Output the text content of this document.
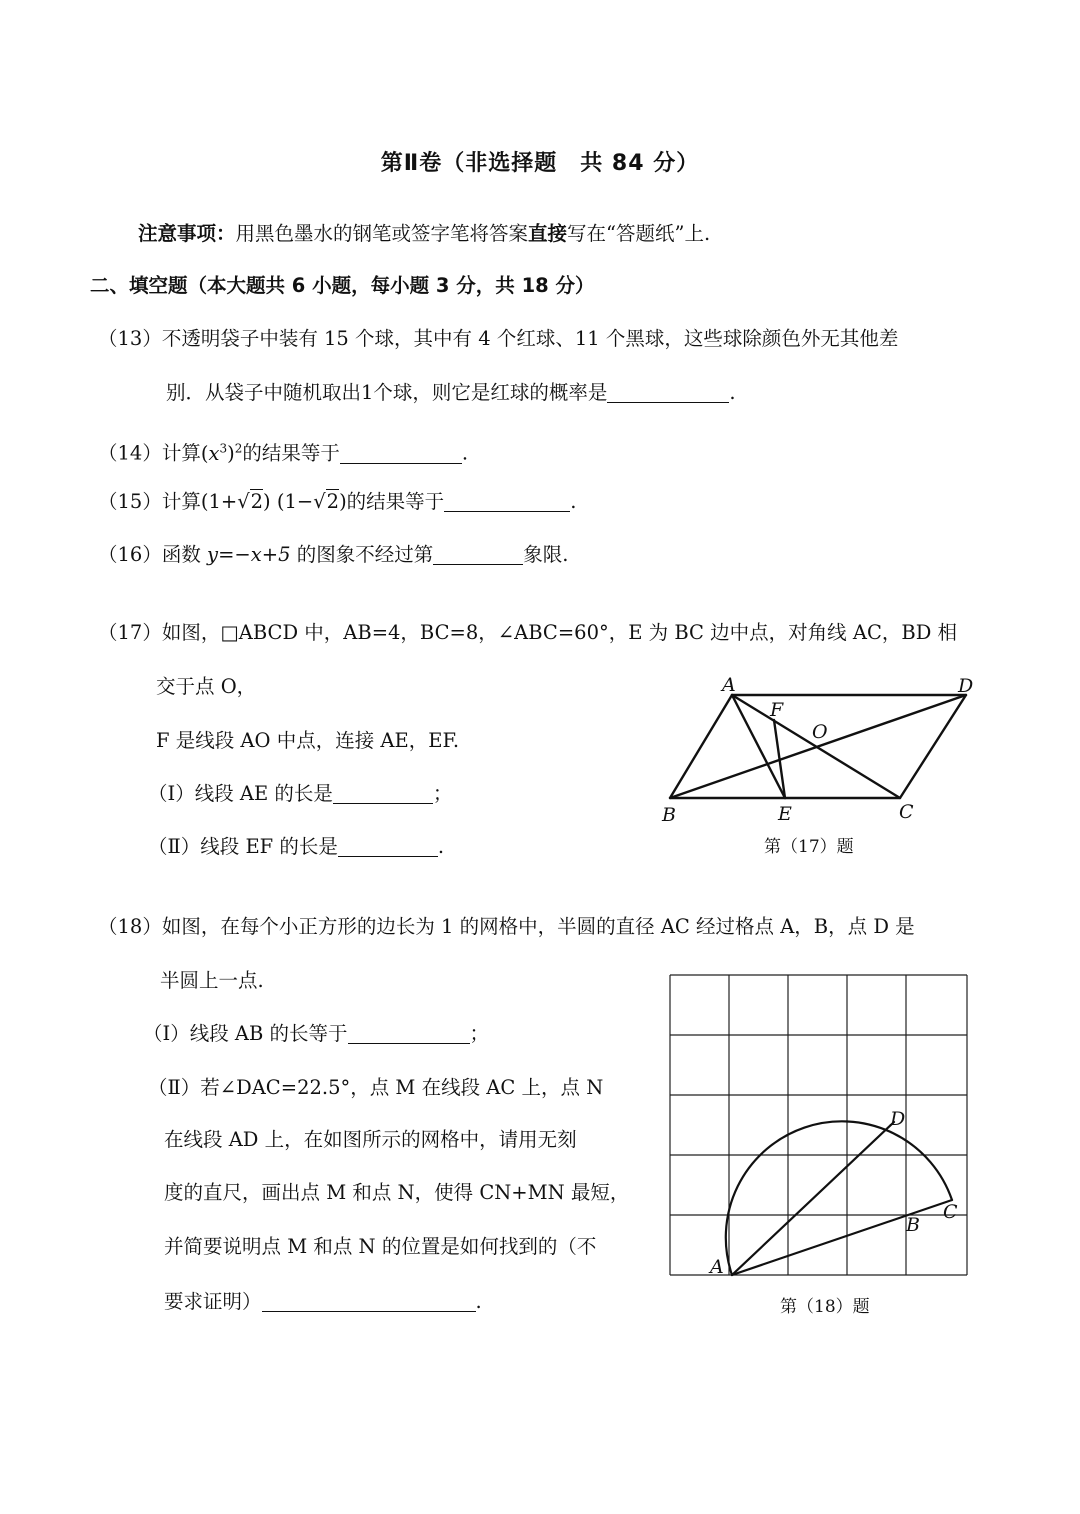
第Ⅱ卷（非选择题　共 84 分）
注意事项：用黑色墨水的钢笔或签字笔将答案直接写在“答题纸”上.
二、填空题（本大题共 6 小题，每小题 3 分，共 18 分）
（13）不透明袋子中装有 15 个球，其中有 4 个红球、11 个黑球，这些球除颜色外无其他差
别．从袋子中随机取出1个球，则它是红球的概率是	.
（14）计算$(x^3)^2$的结果等于	.
（15）计算(1+√2) (1−√2)的结果等于	.
（16）函数 y=−x+5 的图象不经过第	象限.
（17）如图，□ABCD 中，AB=4，BC=8，∠ABC=60°，E 为 BC 边中点，对角线 AC，BD 相
交于点 O，
F 是线段 AO 中点，连接 AE，EF.
（Ⅰ）线段 AE 的长是	；
（Ⅱ）线段 EF 的长是	.
A	D
F
O
B	E	C
第（17）题
（18）如图，在每个小正方形的边长为 1 的网格中，半圆的直径 AC 经过格点 A，B，点 D 是
半圆上一点.
（Ⅰ）线段 AB 的长等于	；
（Ⅱ）若∠DAC=22.5°，点 M 在线段 AC 上，点 N
在线段 AD 上，在如图所示的网格中，请用无刻
度的直尺，画出点 M 和点 N，使得 CN+MN 最短，
并简要说明点 M 和点 N 的位置是如何找到的（不
要求证明）	.
A
B
C
D
第（18）题
